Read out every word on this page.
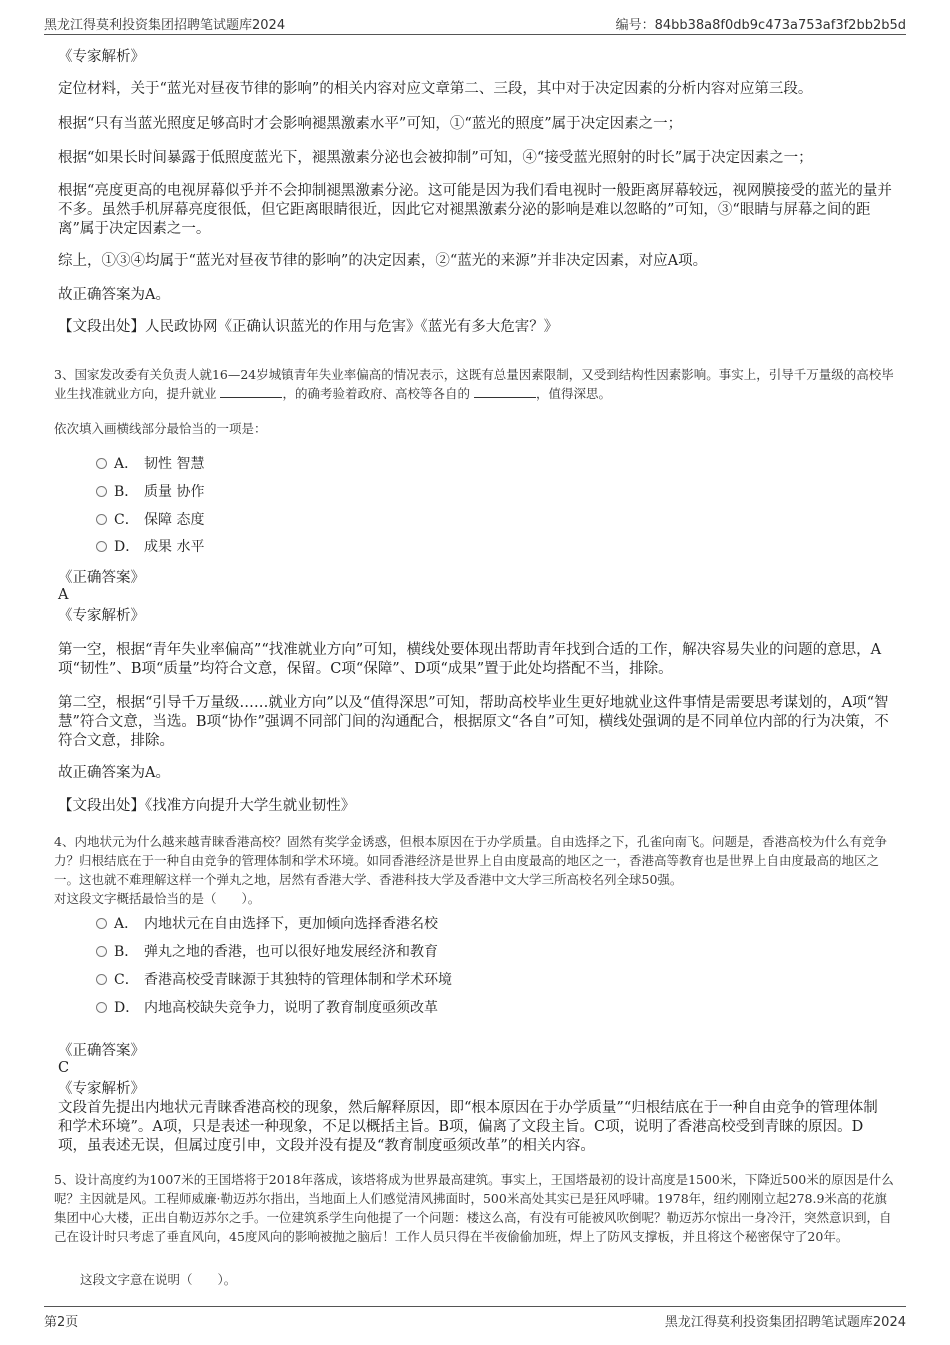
黑龙江得莫利投资集团招聘笔试题库2024	编号：84bb38a8f0db9c473a753af3f2bb2b5d
《专家解析》
定位材料，关于“蓝光对昼夜节律的影响”的相关内容对应文章第二、三段，其中对于决定因素的分析内容对应第三段。
根据“只有当蓝光照度足够高时才会影响褪黑激素水平”可知，①“蓝光的照度”属于决定因素之一；
根据“如果长时间暴露于低照度蓝光下，褪黑激素分泌也会被抑制”可知，④“接受蓝光照射的时长”属于决定因素之一；
根据“亮度更高的电视屏幕似乎并不会抑制褪黑激素分泌。这可能是因为我们看电视时一般距离屏幕较远，视网膜接受的蓝光的量并不多。虽然手机屏幕亮度很低，但它距离眼睛很近，因此它对褪黑激素分泌的影响是难以忽略的”可知，③“眼睛与屏幕之间的距离”属于决定因素之一。
综上，①③④均属于“蓝光对昼夜节律的影响”的决定因素，②“蓝光的来源”并非决定因素，对应A项。
故正确答案为A。
【文段出处】人民政协网《正确认识蓝光的作用与危害》《蓝光有多大危害？》
3、国家发改委有关负责人就16—24岁城镇青年失业率偏高的情况表示，这既有总量因素限制，又受到结构性因素影响。事实上，引导千万量级的高校毕业生找准就业方向，提升就业	，的确考验着政府、高校等各自的	，值得深思。
依次填入画横线部分最恰当的一项是：
A． 韧性 智慧
B． 质量 协作
C． 保障 态度
D． 成果 水平
《正确答案》
A
《专家解析》
第一空，根据“青年失业率偏高”“找准就业方向”可知，横线处要体现出帮助青年找到合适的工作，解决容易失业的问题的意思，A项“韧性”、B项“质量”均符合文意，保留。C项“保障”、D项“成果”置于此处均搭配不当，排除。
第二空，根据“引导千万量级……就业方向”以及“值得深思”可知，帮助高校毕业生更好地就业这件事情是需要思考谋划的，A项“智慧”符合文意，当选。B项“协作”强调不同部门间的沟通配合，根据原文“各自”可知，横线处强调的是不同单位内部的行为决策，不符合文意，排除。
故正确答案为A。
【文段出处】《找准方向提升大学生就业韧性》
4、内地状元为什么越来越青睐香港高校？固然有奖学金诱惑，但根本原因在于办学质量。自由选择之下，孔雀向南飞。问题是，香港高校为什么有竞争力？归根结底在于一种自由竞争的管理体制和学术环境。如同香港经济是世界上自由度最高的地区之一，香港高等教育也是世界上自由度最高的地区之一。这也就不难理解这样一个弹丸之地，居然有香港大学、香港科技大学及香港中文大学三所高校名列全球50强。
对这段文字概括最恰当的是（　　）。
A． 内地状元在自由选择下，更加倾向选择香港名校
B． 弹丸之地的香港，也可以很好地发展经济和教育
C． 香港高校受青睐源于其独特的管理体制和学术环境
D． 内地高校缺失竞争力，说明了教育制度亟须改革
《正确答案》
C
《专家解析》
文段首先提出内地状元青睐香港高校的现象，然后解释原因，即“根本原因在于办学质量”“归根结底在于一种自由竞争的管理体制和学术环境”。A项，只是表述一种现象，不足以概括主旨。B项，偏离了文段主旨。C项，说明了香港高校受到青睐的原因。D项，虽表述无误，但属过度引申，文段并没有提及“教育制度亟须改革”的相关内容。
5、设计高度约为1007米的王国塔将于2018年落成，该塔将成为世界最高建筑。事实上，王国塔最初的设计高度是1500米，下降近500米的原因是什么呢？主因就是风。工程师威廉·勒迈苏尔指出，当地面上人们感觉清风拂面时，500米高处其实已是狂风呼啸。1978年，纽约刚刚立起278.9米高的花旗集团中心大楼，正出自勒迈苏尔之手。一位建筑系学生向他提了一个问题：楼这么高，有没有可能被风吹倒呢？勒迈苏尔惊出一身冷汗，突然意识到，自己在设计时只考虑了垂直风向，45度风向的影响被抛之脑后！工作人员只得在半夜偷偷加班，焊上了防风支撑板，并且将这个秘密保守了20年。
这段文字意在说明（　　）。
第2页	黑龙江得莫利投资集团招聘笔试题库2024
